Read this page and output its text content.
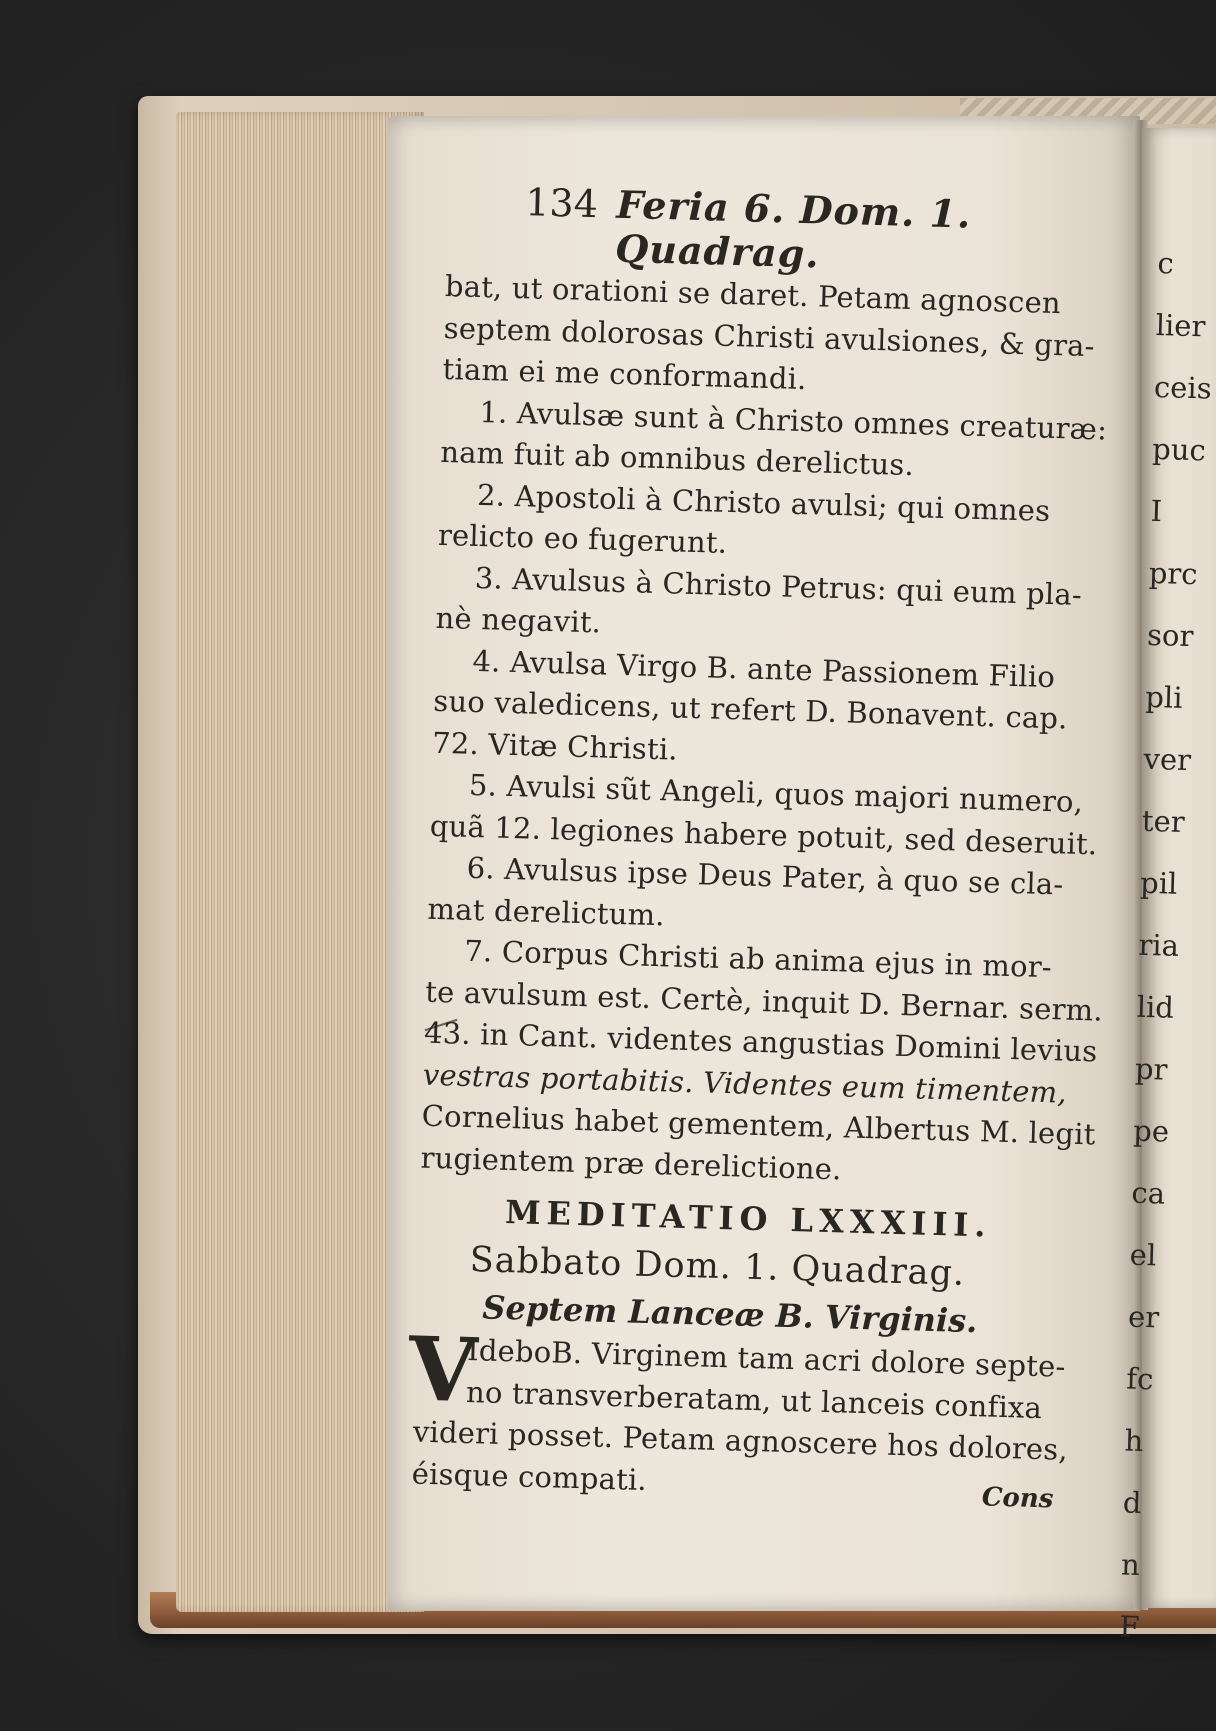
134 Feria 6. Dom. 1. Quadrag.
bat, ut orationi se daret. Petam agnoscen
septem dolorosas Christi avulsiones, & gra-
tiam ei me conformandi.
1. Avulsæ sunt à Christo omnes creaturæ:
nam fuit ab omnibus derelictus.
2. Apostoli à Christo avulsi; qui omnes
relicto eo fugerunt.
3. Avulsus à Christo Petrus: qui eum pla-
nè negavit.
4. Avulsa Virgo B. ante Passionem Filio
suo valedicens, ut refert D. Bonavent. cap.
72. Vitæ Christi.
5. Avulsi sũt Angeli, quos majori numero,
quã 12. legiones habere potuit, sed deseruit.
6. Avulsus ipse Deus Pater, à quo se cla-
mat derelictum.
7. Corpus Christi ab anima ejus in mor-
te avulsum est. Certè, inquit D. Bernar. serm.
43. in Cant. videntes angustias Domini levius
vestras portabitis. Videntes eum timentem,
Cornelius habet gementem, Albertus M. legit
rugientem præ derelictione.
MEDITATIO LXXXIII.
Sabbato Dom. 1. Quadrag.
Septem Lanceæ B. Virginis.
V
IdeboB. Virginem tam acri dolore septe-
no transverberatam, ut lanceis confixa
videri posset. Petam agnoscere hos dolores,
éisque compati.
Cons
c
lier
ceis
puc
I
prc
sor
pli
ver
ter
pil
ria
lid
pr
pe
ca
el
er
fc
h
d
n
F
